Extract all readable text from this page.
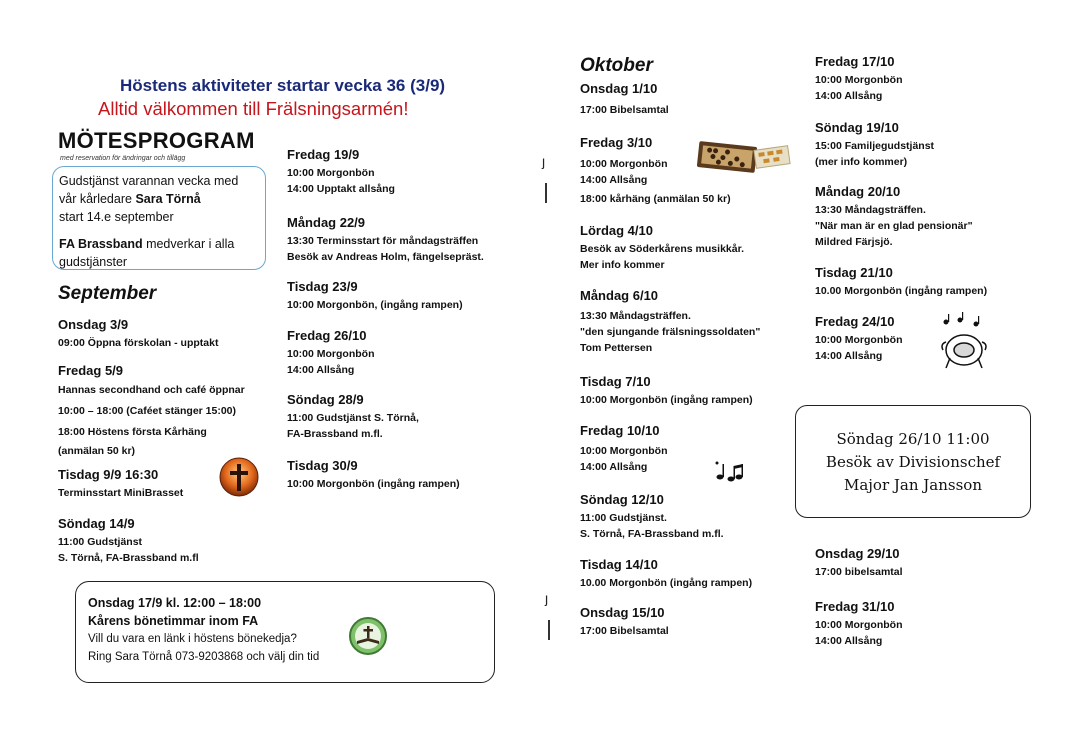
Höstens aktiviteter startar vecka 36 (3/9)
Alltid välkommen till Frälsningsarmén!
MÖTESPROGRAM
med reservation för ändringar och tillägg

Gudstjänst varannan vecka med

vår kårledare Sara Törnå

start 14.e september

FA Brassband medverkar i alla

gudstjänster

September
Oktober
Onsdag 3/9
09:00 Öppna förskolan - upptakt
Fredag 5/9
Hannas secondhand och café öppnar
10:00 – 18:00 (Caféet stänger 15:00)
18:00 Höstens första Kårhäng
(anmälan 50 kr)
Tisdag 9/9 16:30
Terminsstart MiniBrasset
Söndag 14/9
11:00 Gudstjänst
S. Törnå, FA-Brassband m.fl
Fredag 19/9
10:00 Morgonbön
14:00 Upptakt allsång
Måndag 22/9
13:30 Terminsstart för måndagsträffen
Besök av Andreas Holm, fängelsepräst.
Tisdag 23/9
10:00 Morgonbön, (ingång rampen)
Fredag 26/10
10:00 Morgonbön
14:00 Allsång
Söndag 28/9
11:00 Gudstjänst S. Törnå,
FA-Brassband m.fl.
Tisdag 30/9
10:00 Morgonbön (ingång rampen)
Onsdag 17/9 kl. 12:00 – 18:00
Kårens bönetimmar inom FA
Vill du vara en länk i höstens bönekedja?
Ring Sara Törnå 073-9203868 och välj din tid
ȷ
ȷ
Onsdag 1/10
17:00 Bibelsamtal
Fredag 3/10
10:00 Morgonbön
14:00 Allsång
18:00 kårhäng (anmälan 50 kr)
Lördag 4/10
Besök av Söderkårens musikkår.
Mer info kommer
Måndag 6/10
13:30 Måndagsträffen.
"den sjungande frälsningssoldaten"
Tom Pettersen
Tisdag 7/10
10:00 Morgonbön (ingång rampen)
Fredag 10/10
10:00 Morgonbön
14:00 Allsång
Söndag 12/10
11:00 Gudstjänst.
S. Törnå, FA-Brassband m.fl.
Tisdag 14/10
10.00 Morgonbön (ingång rampen)
Onsdag 15/10
17:00 Bibelsamtal
Fredag 17/10
10:00 Morgonbön
14:00 Allsång
Söndag 19/10
15:00 Familjegudstjänst
(mer info kommer)
Måndag 20/10
13:30 Måndagsträffen.
"När man är en glad pensionär"
Mildred Färjsjö.
Tisdag 21/10
10.00 Morgonbön (ingång rampen)
Fredag 24/10
10:00 Morgonbön
14:00 Allsång
Söndag 26/10 11:00
Besök av Divisionschef
Major Jan Jansson
Onsdag 29/10
17:00 bibelsamtal
Fredag 31/10
10:00 Morgonbön
14:00 Allsång
